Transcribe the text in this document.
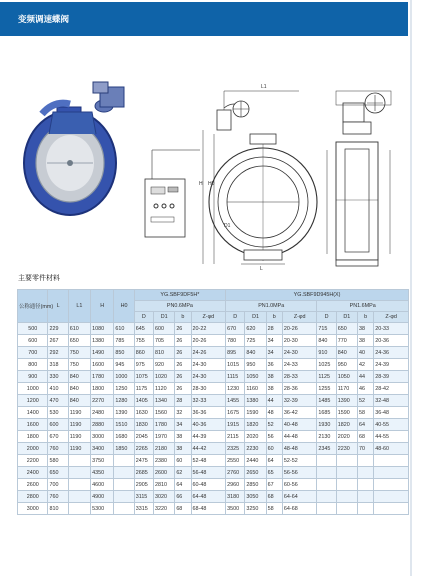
变频调速蝶阀
L1
H H0
L
D1
主要零件材料
公称通径(mm)	L	L1	H	H0	YG.SBF9DF5H*				YG.SBF9D945H(X)							
					PN0.6MPa				PN1.0MPa				PN1.6MPa			
					D	D1	b	Z-φd	D	D1	b	Z-φd	D	D1	b	Z-φd
500	229	610	1080	610	645	600	26	20-22	670	620	28	20-26	715	650	38	20-33
600	267	650	1380	785	755	705	26	20-26	780	725	34	20-30	840	770	38	20-36
700	292	750	1490	850	860	810	26	24-26	895	840	34	24-30	910	840	40	24-36
800	318	750	1600	945	975	920	26	24-30	1015	950	36	24-33	1025	950	42	24-39
900	330	840	1780	1000	1075	1020	26	24-30	1115	1050	38	28-33	1125	1050	44	28-39
1000	410	840	1800	1250	1175	1120	26	28-30	1230	1160	38	28-36	1255	1170	46	28-42
1200	470	840	2270	1280	1405	1340	28	32-33	1455	1380	44	32-39	1485	1390	52	32-48
1400	530	1190	2480	1390	1630	1560	32	36-36	1675	1590	48	36-42	1685	1590	58	36-48
1600	600	1190	2880	1510	1830	1780	34	40-36	1915	1820	52	40-48	1930	1820	64	40-55
1800	670	1190	3000	1680	2045	1970	38	44-39	2115	2020	56	44-48	2130	2020	68	44-55
2000	760	1190	3400	1850	2265	2180	38	44-42	2325	2230	60	48-48	2345	2230	70	48-60
2200	580		3750		2475	2380	60	52-48	2550	2440	64	52-52				
2400	650		4350		2685	2600	62	56-48	2760	2650	65	56-56				
2600	700		4600		2905	2810	64	60-48	2960	2850	67	60-56				
2800	760		4900		3115	3020	66	64-48	3180	3050	68	64-64				
3000	810		5300		3315	3220	68	68-48	3500	3250	58	64-68				
